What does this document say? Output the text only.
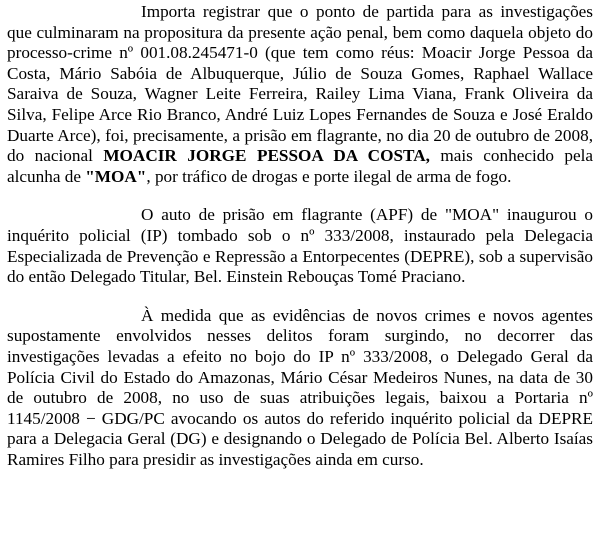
Importa registrar que o ponto de partida para as investigações que culminaram na propositura da presente ação penal, bem como daquela objeto do processo-crime nº 001.08.245471-0 (que tem como réus: Moacir Jorge Pessoa da Costa, Mário Sabóia de Albuquerque, Júlio de Souza Gomes, Raphael Wallace Saraiva de Souza, Wagner Leite Ferreira, Railey Lima Viana, Frank Oliveira da Silva, Felipe Arce Rio Branco, André Luiz Lopes Fernandes de Souza e José Eraldo Duarte Arce), foi, precisamente, a prisão em flagrante, no dia 20 de outubro de 2008, do nacional MOACIR JORGE PESSOA DA COSTA, mais conhecido pela alcunha de "MOA", por tráfico de drogas e porte ilegal de arma de fogo.

O auto de prisão em flagrante (APF) de "MOA" inaugurou o inquérito policial (IP) tombado sob o nº 333/2008, instaurado pela Delegacia Especializada de Prevenção e Repressão a Entorpecentes (DEPRE), sob a supervisão do então Delegado Titular, Bel. Einstein Rebouças Tomé Praciano.

À medida que as evidências de novos crimes e novos agentes supostamente envolvidos nesses delitos foram surgindo, no decorrer das investigações levadas a efeito no bojo do IP nº 333/2008, o Delegado Geral da Polícia Civil do Estado do Amazonas, Mário César Medeiros Nunes, na data de 30 de outubro de 2008, no uso de suas atribuições legais, baixou a Portaria nº 1145/2008 − GDG/PC avocando os autos do referido inquérito policial da DEPRE para a Delegacia Geral (DG) e designando o Delegado de Polícia Bel. Alberto Isaías Ramires Filho para presidir as investigações ainda em curso.
